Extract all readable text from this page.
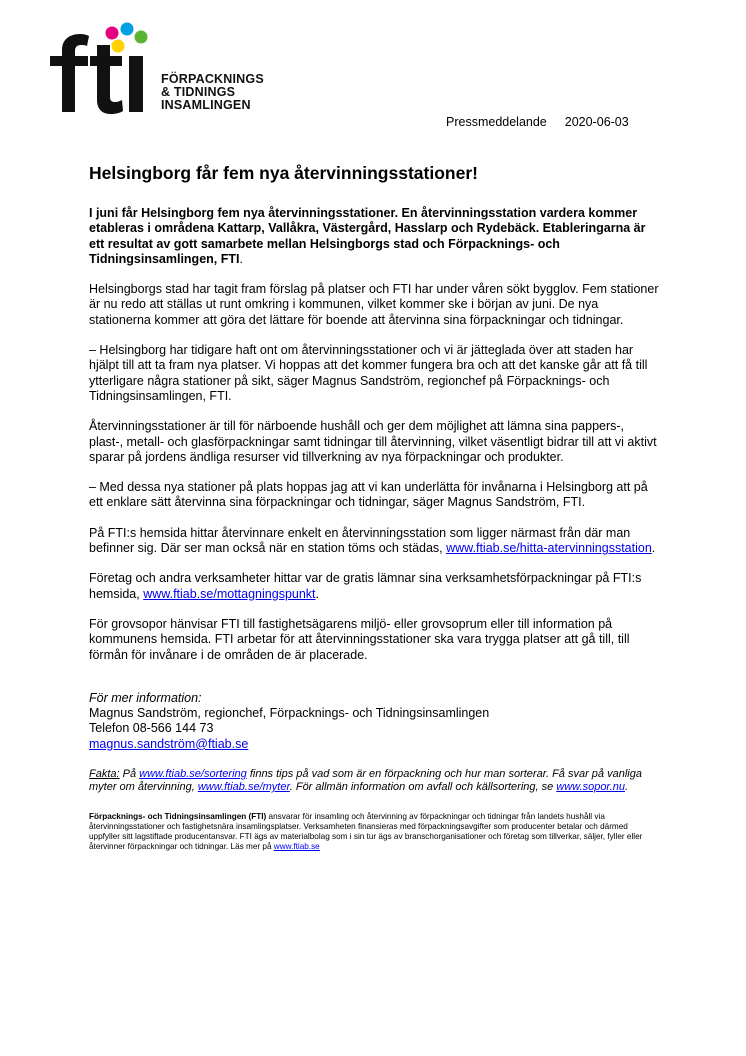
FÖRPACKNINGS
& TIDNINGS
INSAMLINGEN
Pressmeddelande 2020-06-03
Helsingborg får fem nya återvinningsstationer!

I juni får Helsingborg fem nya återvinningsstationer. En återvinningsstation vardera kommer etableras i områdena Kattarp, Vallåkra, Västergård, Hasslarp och Rydebäck. Etableringarna är ett resultat av gott samarbete mellan Helsingborgs stad och Förpacknings- och Tidningsinsamlingen, FTI.

Helsingborgs stad har tagit fram förslag på platser och FTI har under våren sökt bygglov. Fem stationer är nu redo att ställas ut runt omkring i kommunen, vilket kommer ske i början av juni. De nya stationerna kommer att göra det lättare för boende att återvinna sina förpackningar och tidningar.

– Helsingborg har tidigare haft ont om återvinningsstationer och vi är jätteglada över att staden har hjälpt till att ta fram nya platser. Vi hoppas att det kommer fungera bra och att det kanske går att få till ytterligare några stationer på sikt, säger Magnus Sandström, regionchef på Förpacknings- och Tidningsinsamlingen, FTI.

Återvinningsstationer är till för närboende hushåll och ger dem möjlighet att lämna sina pappers-, plast-, metall- och glasförpackningar samt tidningar till återvinning, vilket väsentligt bidrar till att vi aktivt sparar på jordens ändliga resurser vid tillverkning av nya förpackningar och produkter.

– Med dessa nya stationer på plats hoppas jag att vi kan underlätta för invånarna i Helsingborg att på ett enklare sätt återvinna sina förpackningar och tidningar, säger Magnus Sandström, FTI.

På FTI:s hemsida hittar återvinnare enkelt en återvinningsstation som ligger närmast från där man befinner sig. Där ser man också när en station töms och städas, www.ftiab.se/hitta-atervinningsstation.

Företag och andra verksamheter hittar var de gratis lämnar sina verksamhetsförpackningar på FTI:s hemsida, www.ftiab.se/mottagningspunkt.

För grovsopor hänvisar FTI till fastighetsägarens miljö- eller grovsoprum eller till information på kommunens hemsida. FTI arbetar för att återvinningsstationer ska vara trygga platser att gå till, till förmån för invånare i de områden de är placerade.

För mer information:
Magnus Sandström, regionchef, Förpacknings- och Tidningsinsamlingen
Telefon 08-566 144 73
magnus.sandström@ftiab.se

Fakta: På www.ftiab.se/sortering finns tips på vad som är en förpackning och hur man sorterar. Få svar på vanliga myter om återvinning, www.ftiab.se/myter. För allmän information om avfall och källsortering, se www.sopor.nu.

Förpacknings- och Tidningsinsamlingen (FTI) ansvarar för insamling och återvinning av förpackningar och tidningar från landets hushåll via återvinningsstationer och fastighetsnära insamlingsplatser. Verksamheten finansieras med förpackningsavgifter som producenter betalar och därmed uppfyller sitt lagstiftade producentansvar. FTI ägs av materialbolag som i sin tur ägs av branschorganisationer och företag som tillverkar, säljer, fyller eller återvinner förpackningar och tidningar. Läs mer på www.ftiab.se
